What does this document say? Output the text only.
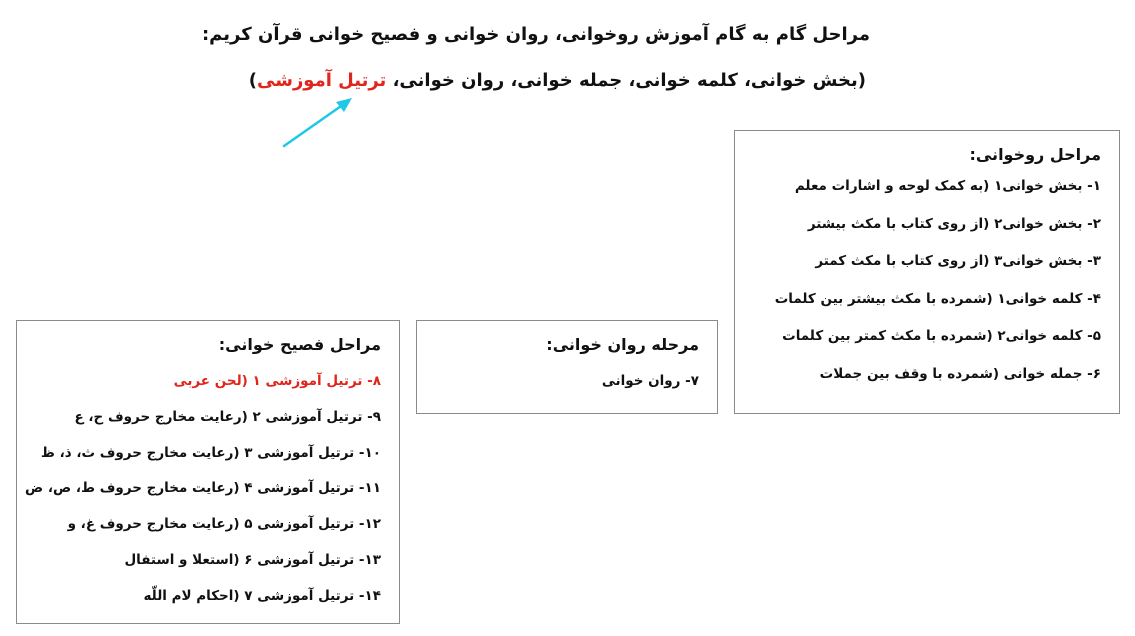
مراحل گام به گام آموزش روخوانی، روان خوانی و فصیح خوانی قرآن کریم:

(بخش خوانی، کلمه خوانی، جمله خوانی، روان خوانی، ترتیل آموزشی)

مراحل روخوانی:
۱- بخش خوانی۱ (به کمک لوحه و اشارات معلم
۲- بخش خوانی۲ (از روی کتاب با مکث بیشتر
۳- بخش خوانی۳ (از روی کتاب با مکث کمتر
۴- کلمه خوانی۱ (شمرده با مکث بیشتر بین کلمات
۵- کلمه خوانی۲ (شمرده با مکث کمتر بین کلمات
۶- جمله خوانی (شمرده با وقف بین جملات
مرحله روان خوانی:
۷- روان خوانی
مراحل فصیح خوانی:
۸- ترتیل آموزشی ۱ (لحن عربی
۹- ترتیل آموزشی ۲ (رعایت مخارج حروف ح، ع
۱۰- ترتیل آموزشی ۳ (رعایت مخارج حروف ث، ذ، ظ
۱۱- ترتیل آموزشی ۴ (رعایت مخارج حروف ط، ص، ض
۱۲- ترتیل آموزشی ۵ (رعایت مخارج حروف غ، و
۱۳- ترتیل آموزشی ۶ (استعلا و استفال
۱۴- ترتیل آموزشی ۷ (احکام لام اللّه
